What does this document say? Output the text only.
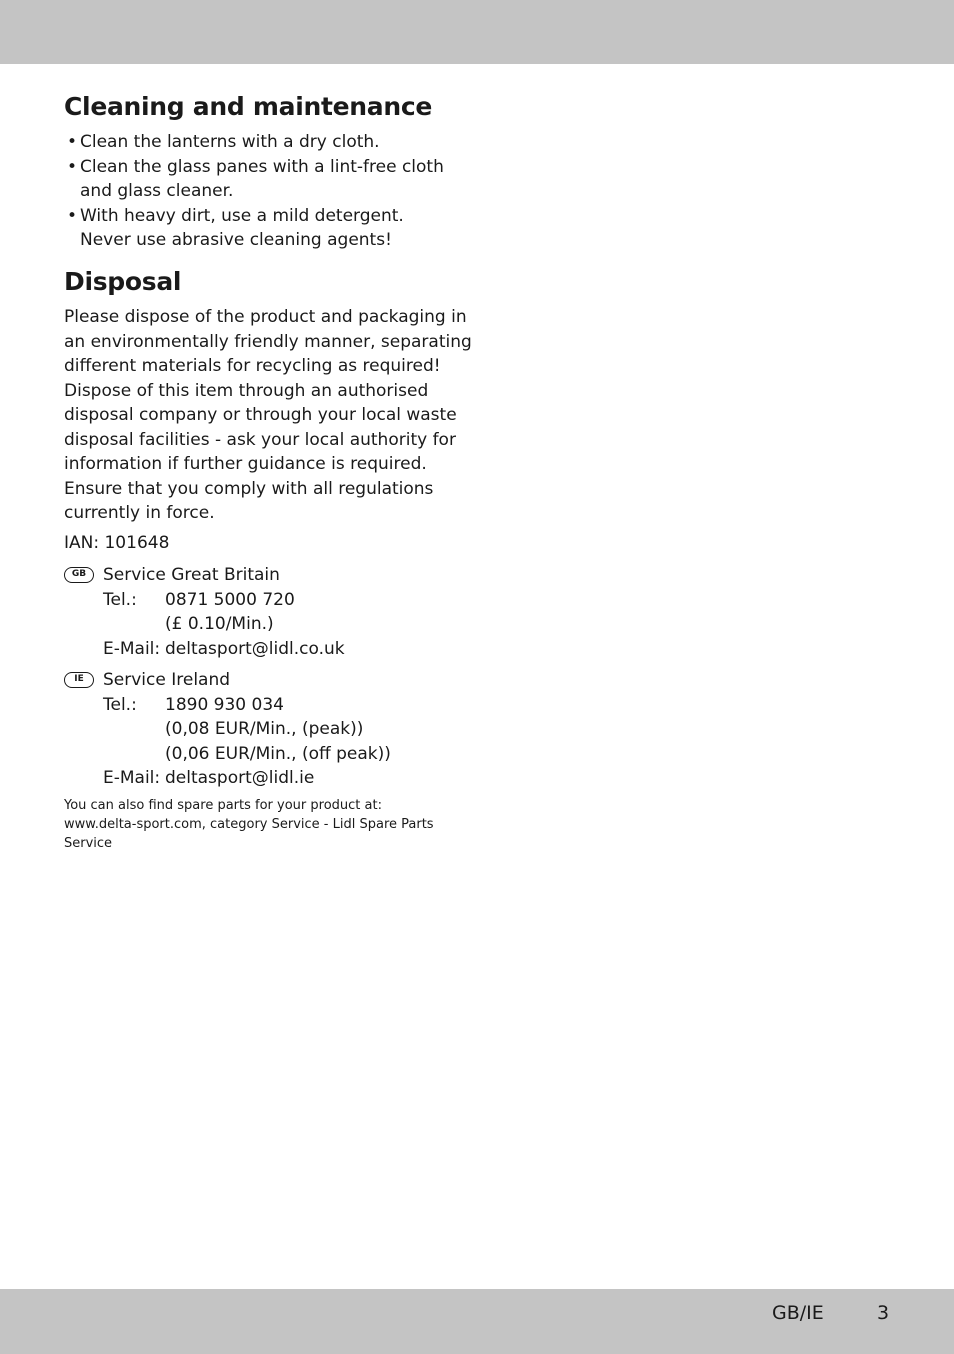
Cleaning and maintenance
• Clean the lanterns with a dry cloth.
• Clean the glass panes with a lint-free cloth
and glass cleaner.
• With heavy dirt, use a mild detergent.
Never use abrasive cleaning agents!
Disposal
Please dispose of the product and packaging in
an environmentally friendly manner, separating
different materials for recycling as required!
Dispose of this item through an authorised
disposal company or through your local waste
disposal facilities - ask your local authority for
information if further guidance is required.
Ensure that you comply with all regulations
currently in force.
IAN: 101648
GB Service Great Britain
Tel.: 0871 5000 720
(£ 0.10/Min.)
E-Mail: deltasport@lidl.co.uk
IE	Service Ireland
Tel.: 1890 930 034
(0,08 EUR/Min., (peak))
(0,06 EUR/Min., (off peak))
E-Mail: deltasport@lidl.ie
You can also find spare parts for your product at:
www.delta-sport.com, category Service - Lidl Spare Parts
Service
GB/IE	3
